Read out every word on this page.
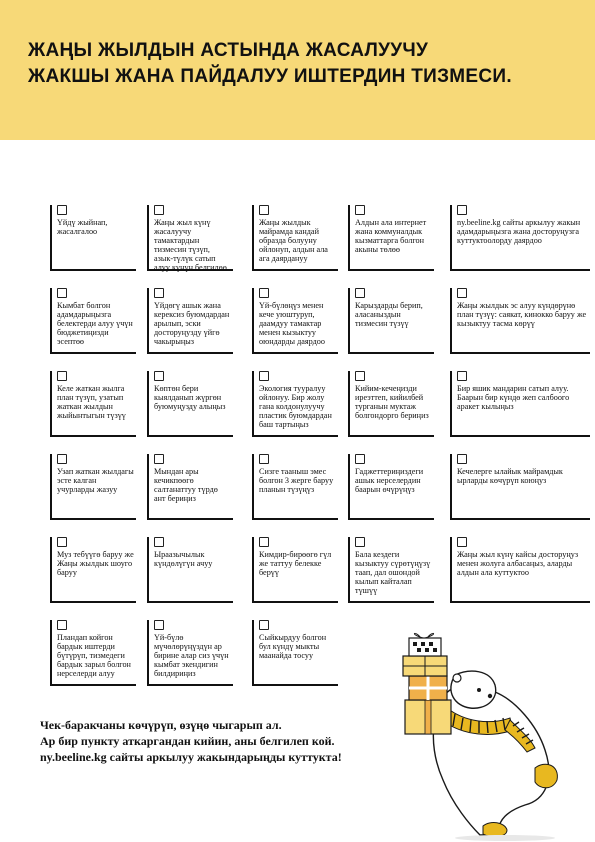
ЖАҢЫ ЖЫЛДЫН АСТЫНДА ЖАСАЛУУЧУ
ЖАКШЫ ЖАНА ПАЙДАЛУУ ИШТЕРДИН ТИЗМЕСИ.
Үйдү жыйнап, жасалгалоо
Жаңы жыл күнү жасалуучу тамактардын тизмесин түзүп, азык-түлүк сатып алуу күнүн белгилөө
Жаңы жылдык майрамда кандай образда болууну ойлонуп, алдын ала ага даярдануу
Алдын ала интернет жана коммуналдык кызматтарга болгон акыны төлөө
ny.beeline.kg сайты аркылуу жакын адамдарыңызга жана досторуңузга куттуктоолорду даярдоо
Кымбат болгон адамдарыңызга белектерди алуу үчүн бюджетиңизди эсептөө
Үйдөгү ашык жана керексиз буюмдардан арылып, эски досторуңузду үйгө чакырыңыз
Үй-бүлөңүз менен кече уюштуруп, даамдуу тамактар менен кызыктуу оюндарды даярдоо
Карыздарды берип, аласаныздын тизмесин түзүү
Жаңы жылдык эс алуу күндөрүнө план түзүү: саякат, кинокко баруу же кызыктуу тасма көрүү
Келе жаткан жылга план түзүп, узатып жаткан жылдын жыйынтыгын түзүү
Көптөн бери кыялданып жүргөн буюмуңузду алыңыз
Экология тууралуу ойлонуу. Бир жолу гана колдонулуучу пластик буюмдардан баш тартыңыз
Кийим-кечеңизди иреэттеп, кийилбей турганын муктаж болгондорго бериңиз
Бир яшик мандарин сатып алуу. Баарын бир күндө жеп салбоого аракет кылыңыз
Узап жаткан жылдагы эсте калган учурларды жазуу
Мындан ары кечикпөөгө салтанаттуу түрдө ант бериңиз
Сизге тааныш эмес болгон 3 жерге баруу планын түзүңүз
Гаджеттериңиздеги ашык нерселердин баарын өчүрүңүз
Кечелерге ылайык майрамдык ырларды көчүрүп коюңуз
Муз тебүүгө баруу же Жаңы жылдык шоуго баруу
Ыраазычылык күндөлүгүн ачуу
Кимдир-бирөөгө гүл же таттуу белекке берүү
Бала кездеги кызыктуу сүрөтүңүзү таап, дал ошондой кылып кайталап түшүү
Жаңы жыл күнү кайсы досторуңуз менен жолуга албасаңыз, аларды алдын ала куттуктоо
Пландап койгон бардык иштерди бүтүрүп, тизмедеги бардык зарыл болгон нерселерди алуу
Үй-бүлө мүчөлөрүңүздүн ар бирине алар сиз үчүн кымбат экендигин билдириңиз
Сыйкырдуу болгон бул күндү мыкты маанайда тосуу
Чек-баракчаны көчүрүп, өзүңө чыгарып ал.
Ар бир пункту аткаргандан кийин, аны белгилеп кой.
ny.beeline.kg сайты аркылуу жакындарыңды куттукта!
